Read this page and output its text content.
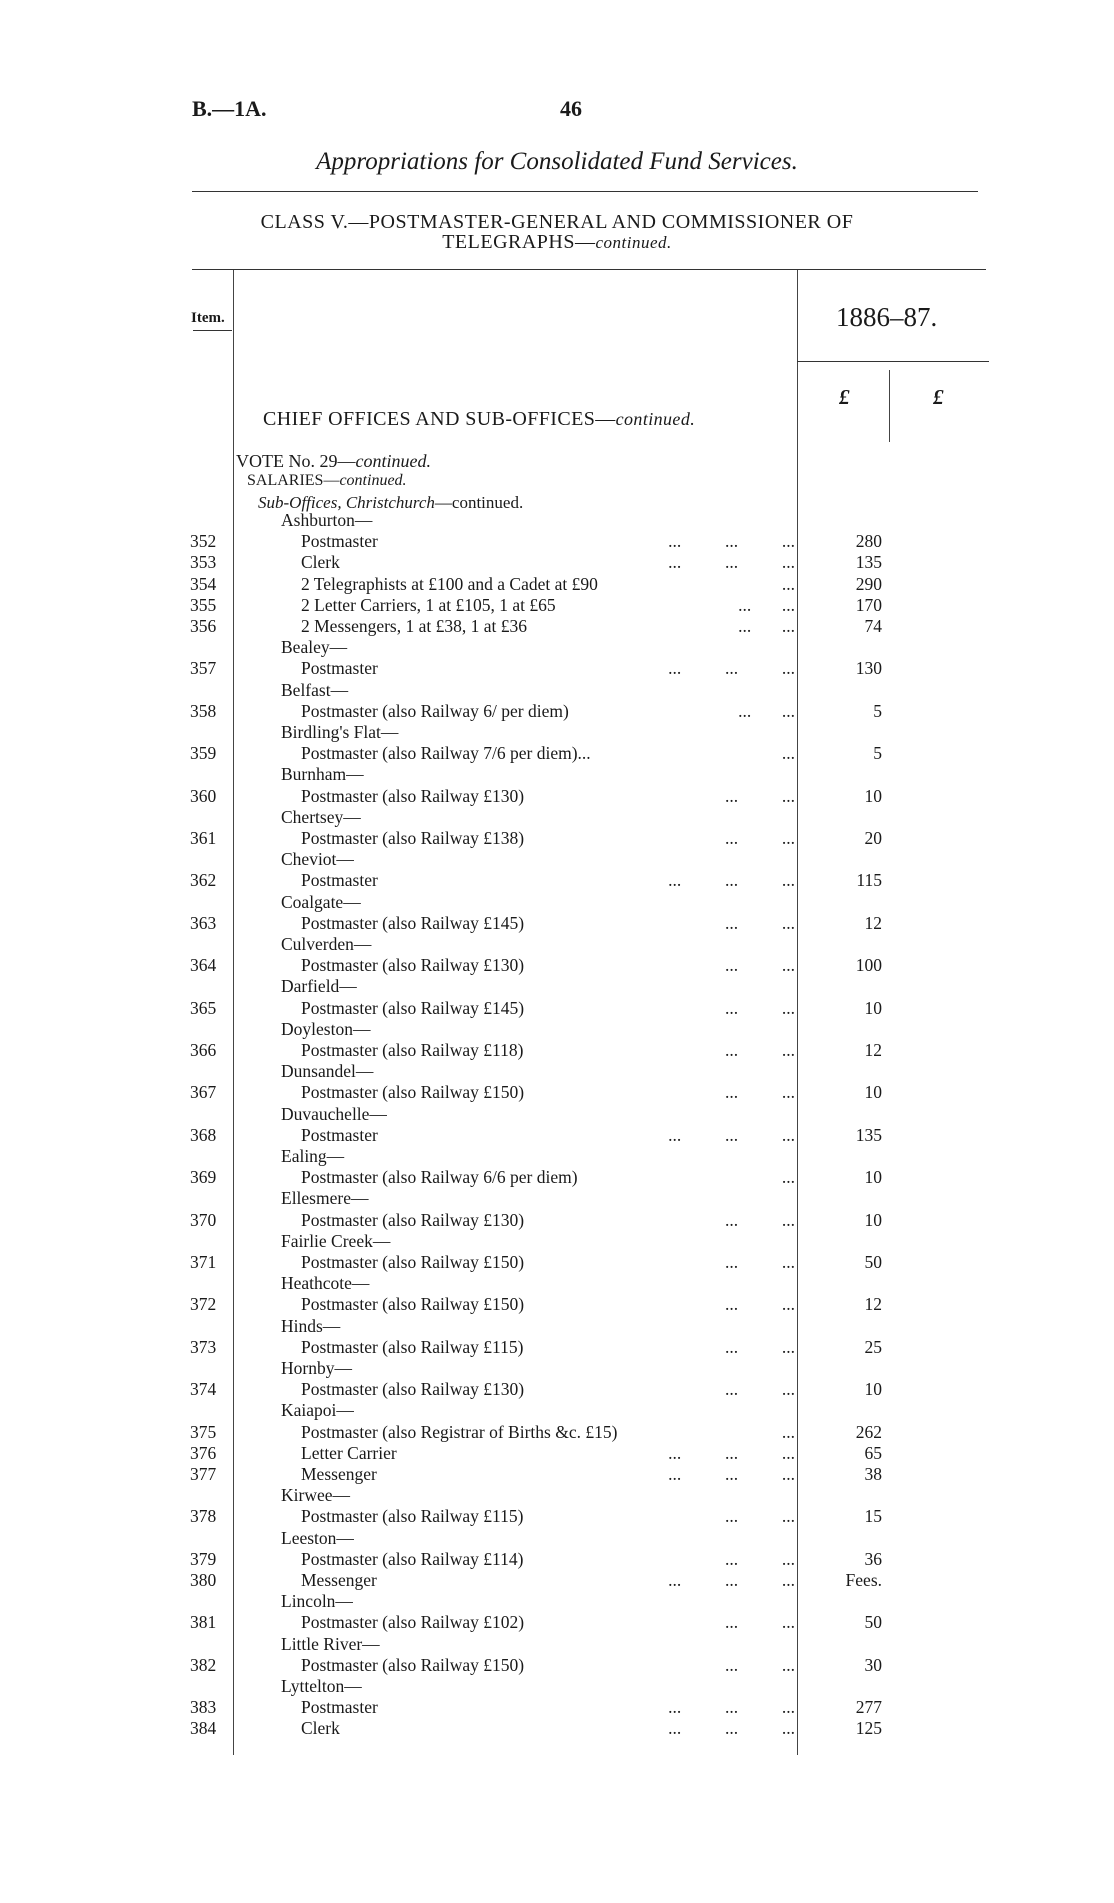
B.—1A.	46
Appropriations for Consolidated Fund Services.
CLASS V.—POSTMASTER-GENERAL AND COMMISSIONER OF
TELEGRAPHS—continued.
Item.	1886–87.
£	£
CHIEF OFFICES AND SUB-OFFICES—continued.
VOTE No. 29—continued.
SALARIES—continued.
Sub-Offices, Christchurch—continued.
Ashburton—
352	Postmaster	...          ...          ...	280
353	Clerk	...          ...          ...	135
354	2 Telegraphists at £100 and a Cadet at £90	...	290
355	2 Letter Carriers, 1 at £105, 1 at £65	...       ...	170
356	2 Messengers, 1 at £38, 1 at £36	...       ...	74
Bealey—
357	Postmaster	...          ...          ...	130
Belfast—
358	Postmaster (also Railway 6/ per diem)	...       ...	5
Birdling's Flat—
359	Postmaster (also Railway 7/6 per diem)...	...	5
Burnham—
360	Postmaster (also Railway £130)	...          ...	10
Chertsey—
361	Postmaster (also Railway £138)	...          ...	20
Cheviot—
362	Postmaster	...          ...          ...	115
Coalgate—
363	Postmaster (also Railway £145)	...          ...	12
Culverden—
364	Postmaster (also Railway £130)	...          ...	100
Darfield—
365	Postmaster (also Railway £145)	...          ...	10
Doyleston—
366	Postmaster (also Railway £118)	...          ...	12
Dunsandel—
367	Postmaster (also Railway £150)	...          ...	10
Duvauchelle—
368	Postmaster	...          ...          ...	135
Ealing—
369	Postmaster (also Railway 6/6 per diem)	...	10
Ellesmere—
370	Postmaster (also Railway £130)	...          ...	10
Fairlie Creek—
371	Postmaster (also Railway £150)	...          ...	50
Heathcote—
372	Postmaster (also Railway £150)	...          ...	12
Hinds—
373	Postmaster (also Railway £115)	...          ...	25
Hornby—
374	Postmaster (also Railway £130)	...          ...	10
Kaiapoi—
375	Postmaster (also Registrar of Births &c. £15)	...	262
376	Letter Carrier	...          ...          ...	65
377	Messenger	...          ...          ...	38
Kirwee—
378	Postmaster (also Railway £115)	...          ...	15
Leeston—
379	Postmaster (also Railway £114)	...          ...	36
380	Messenger	...          ...          ...	Fees.
Lincoln—
381	Postmaster (also Railway £102)	...          ...	50
Little River—
382	Postmaster (also Railway £150)	...          ...	30
Lyttelton—
383	Postmaster	...          ...          ...	277
384	Clerk	...          ...          ...	125
